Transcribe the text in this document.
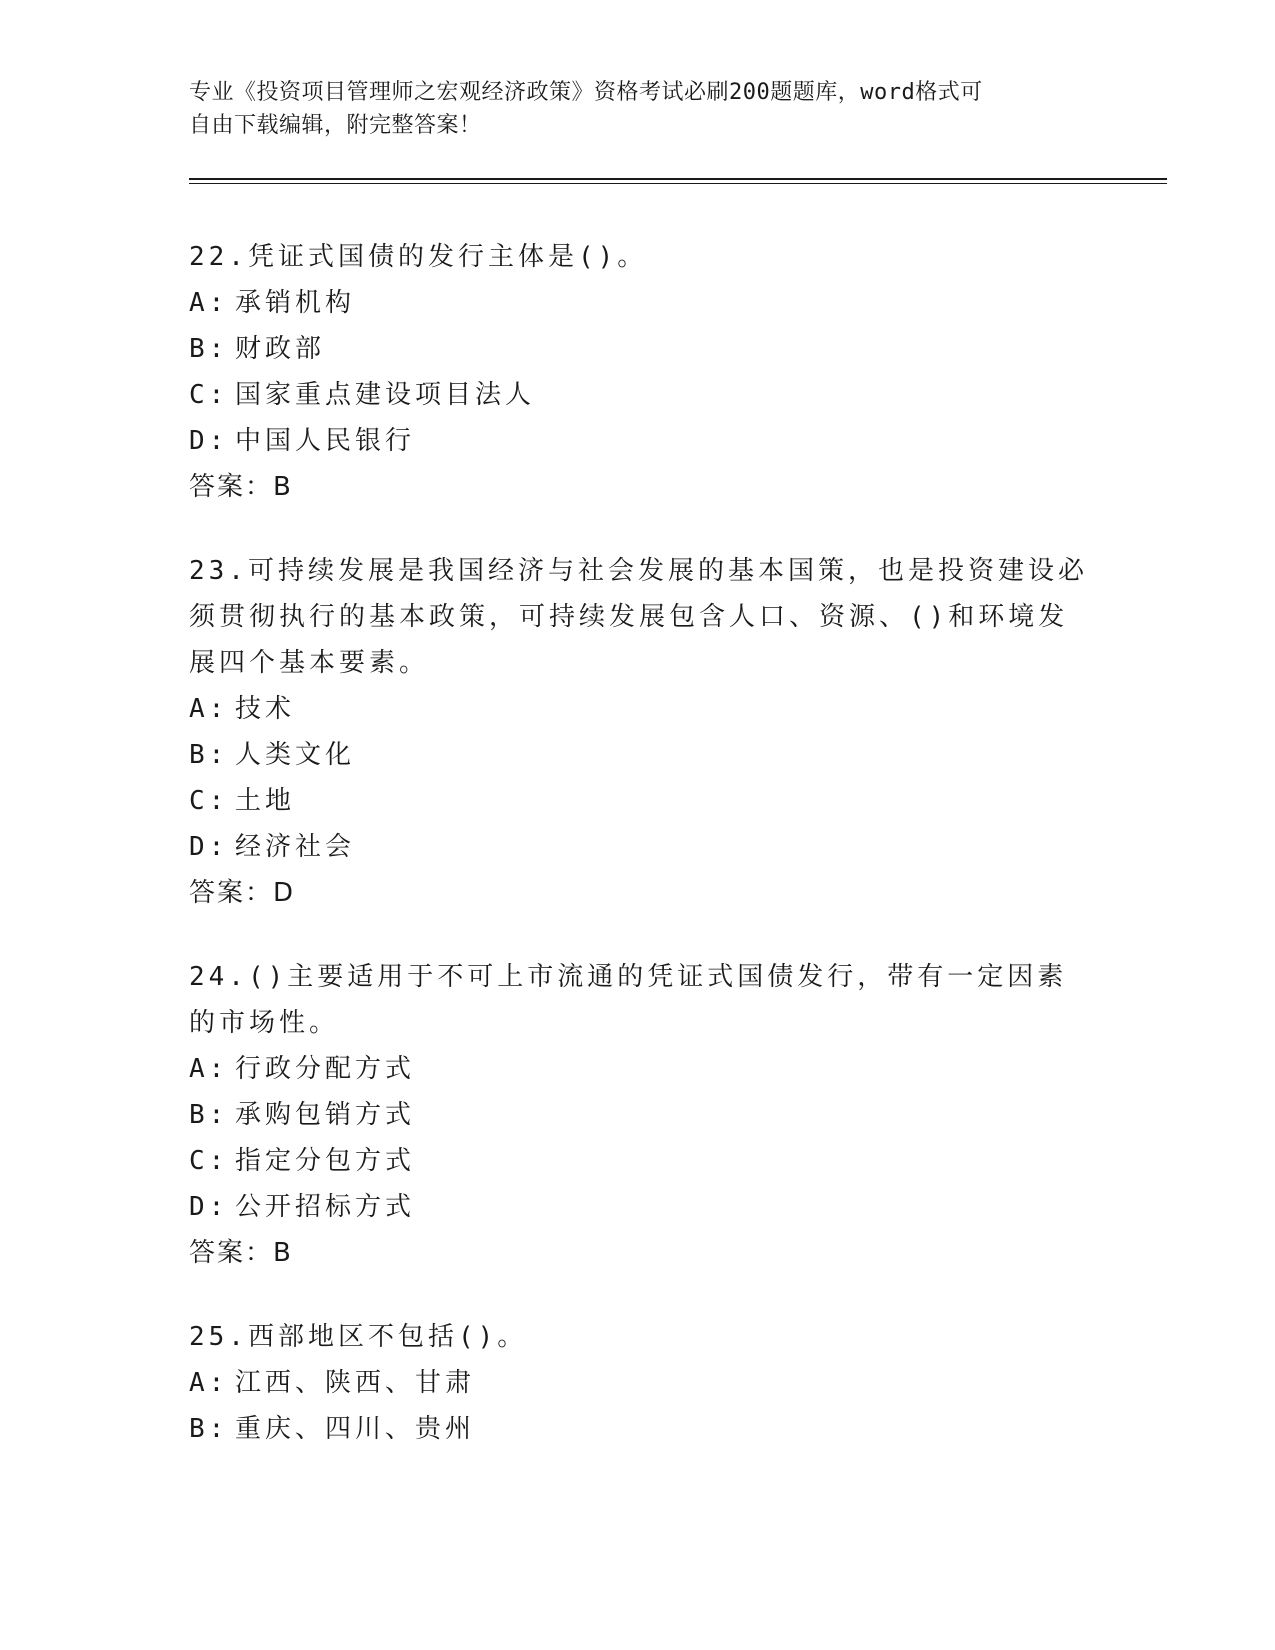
专业《投资项目管理师之宏观经济政策》资格考试必刷200题题库，word格式可
自由下载编辑，附完整答案！
22.凭证式国债的发行主体是()。
A: 承销机构
B: 财政部
C: 国家重点建设项目法人
D: 中国人民银行
答案：B
23.可持续发展是我国经济与社会发展的基本国策，也是投资建设必须贯彻执行的基本政策，可持续发展包含人口、资源、()和环境发展四个基本要素。
A: 技术
B: 人类文化
C: 土地
D: 经济社会
答案：D
24.()主要适用于不可上市流通的凭证式国债发行，带有一定因素的市场性。
A: 行政分配方式
B: 承购包销方式
C: 指定分包方式
D: 公开招标方式
答案：B
25.西部地区不包括()。
A: 江西、陕西、甘肃
B: 重庆、四川、贵州
